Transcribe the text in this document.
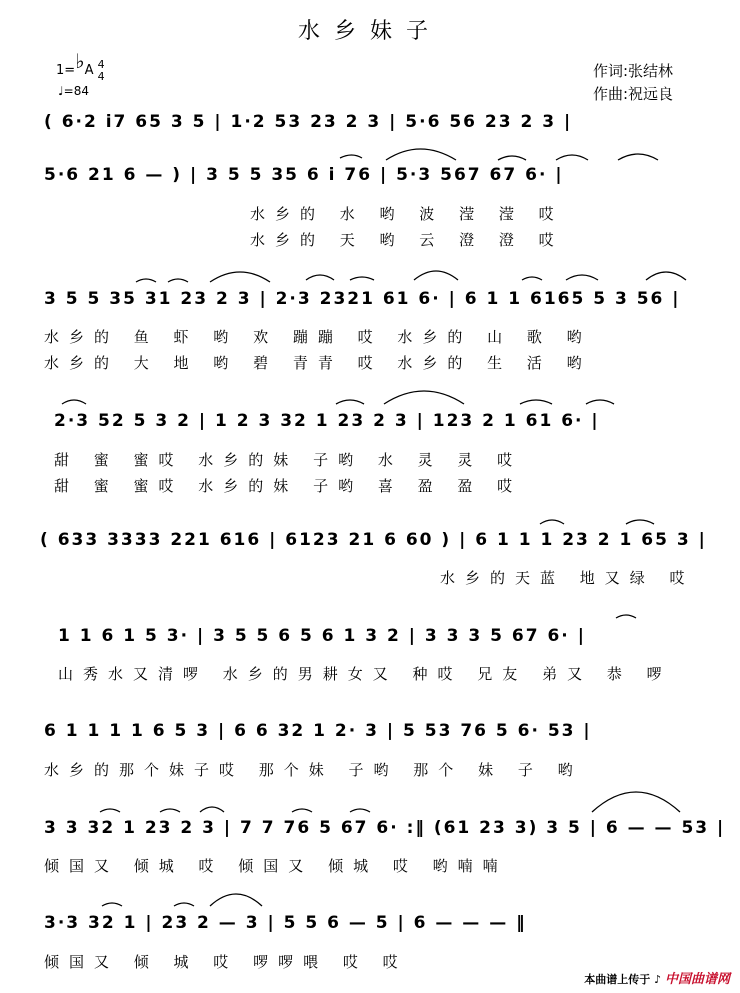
水乡妹子
1=♭A 4
4
♩=84
作词:张结林
作曲:祝远良
( 6·2 i7 65 3 5 | 1·2 53 23 2 3 | 5·6 56 23 2 3 |
5·6 21 6 — ) | 3 5 5 35 6 i 76 | 5·3 567 67 6· |
水乡的 水 哟 波 滢 滢 哎
水乡的 天 哟 云 澄 澄 哎
3 5 5 35 31 23 2 3 | 2·3 2321 61 6· | 6 1 1 6165 5 3 56 |
水乡的 鱼 虾 哟 欢 蹦蹦 哎 水乡的 山 歌 哟
水乡的 大 地 哟 碧 青青 哎 水乡的 生 活 哟
2·3 52 5 3 2 | 1 2 3 32 1 23 2 3 | 123 2 1 61 6· |
甜 蜜 蜜哎 水乡的妹 子哟 水 灵 灵 哎
甜 蜜 蜜哎 水乡的妹 子哟 喜 盈 盈 哎
( 633 3333 221 616 | 6123 21 6 60 ) | 6 1 1 1 23 2 1 65 3 |
水乡的天蓝 地又绿 哎
1 1 6 1 5 3· | 3 5 5 6 5 6 1 3 2 | 3 3 3 5 67 6· |
山秀水又清啰 水乡的男耕女又 种哎 兄友 弟又 恭 啰
6 1 1 1 1 6 5 3 | 6 6 32 1 2· 3 | 5 53 76 5 6· 53 |
水乡的那个妹子哎 那个妹 子哟 那个 妹 子 哟
3 3 32 1 23 2 3 | 7 7 76 5 67 6· :‖ (61 23 3) 3 5 | 6 — — 53 |
倾国又 倾城 哎 倾国又 倾城 哎 哟喃喃
3·3 32 1 | 23 2 — 3 | 5 5 6 — 5 | 6 — — — ‖
倾国又 倾 城 哎 啰啰喂 哎 哎
本曲谱上传于 ♪ 中国曲谱网
